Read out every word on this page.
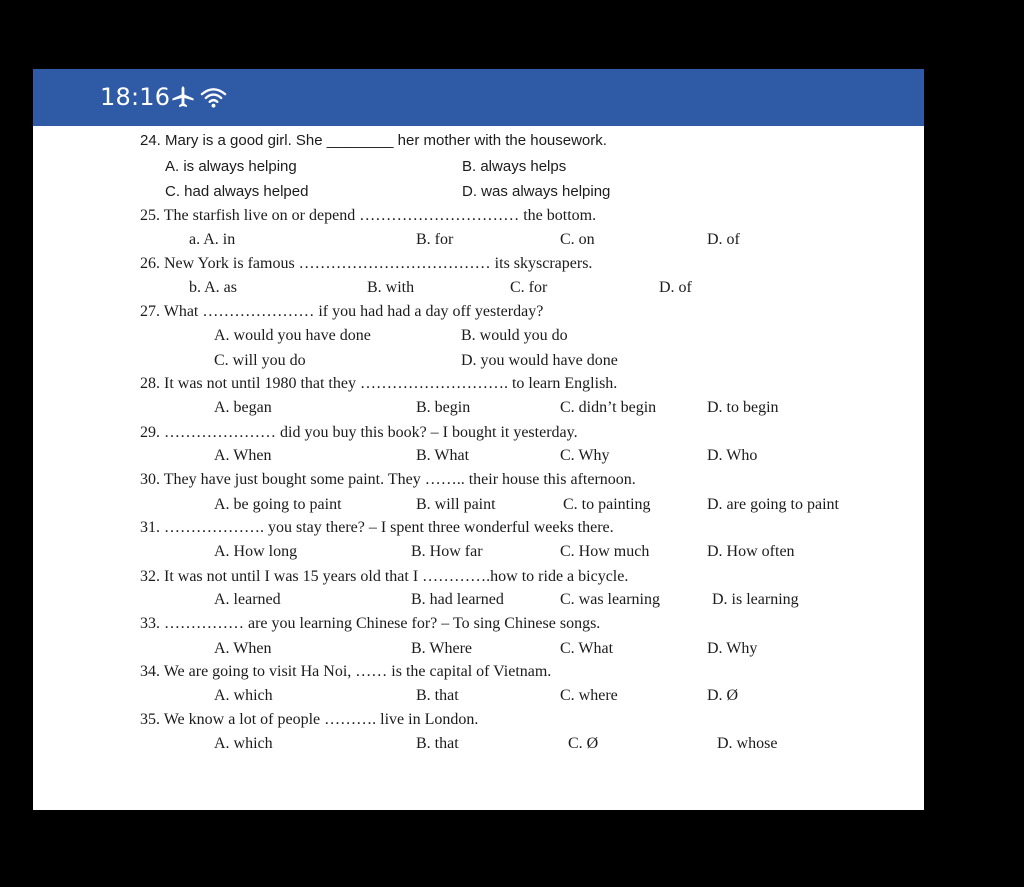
18:16
24. Mary is a good girl. She ________ her mother with the housework.
A. is always helping	B. always helps
C. had always helped	D. was always helping
25. The starfish live on or depend ………………………… the bottom.
a. A. in	B. for	C. on	D. of
26. New York is famous ……………………………… its skyscrapers.
b. A. as	B. with	C. for	D. of
27. What ………………… if you had had a day off yesterday?
A. would you have done	B. would you do
C. will you do	D. you would have done
28. It was not until 1980 that they ………………………. to learn English.
A. began	B. begin	C. didn’t begin	D. to begin
29. ………………… did you buy this book? – I bought it yesterday.
A. When	B. What	C. Why	D. Who
30. They have just bought some paint. They …….. their house this afternoon.
A. be going to paint	B. will paint	C. to painting	D. are going to paint
31. ………………. you stay there? – I spent three wonderful weeks there.
A. How long	B. How far	C. How much	D. How often
32. It was not until I was 15 years old that I ………….how to ride a bicycle.
A. learned	B. had learned	C. was learning	D. is learning
33. …………… are you learning Chinese for? – To sing Chinese songs.
A. When	B. Where	C. What	D. Why
34. We are going to visit Ha Noi, …… is the capital of Vietnam.
A. which	B. that	C. where	D. Ø
35. We know a lot of people ………. live in London.
A. which	B. that	C. Ø	D. whose
